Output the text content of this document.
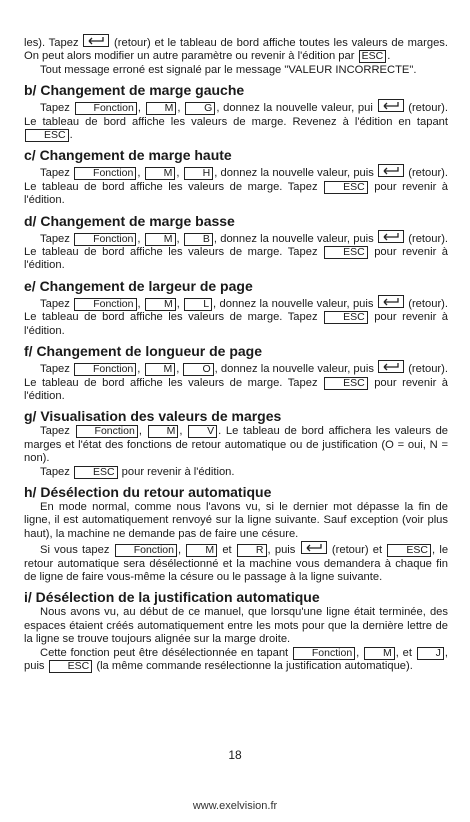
les). Tapez	(retour) et le tableau de bord affiche toutes les valeurs de marges. On peut alors modifier un autre paramètre ou revenir à l'édition par ESC .

Tout message erroné est signalé par le message "VALEUR INCORRECTE".

b/ Changement de marge gauche

Tapez Fonction , M , G , donnez la nouvelle valeur, pui	(retour). Le tableau de bord affiche les valeurs de marge. Revenez à l'édition en tapant ESC .

c/ Changement de marge haute

Tapez Fonction , M , H , donnez la nouvelle valeur, puis	(retour). Le tableau de bord affiche les valeurs de marge. Tapez ESC pour revenir à l'édition.

d/ Changement de marge basse

Tapez Fonction , M , B , donnez la nouvelle valeur, puis	(retour). Le tableau de bord affiche les valeurs de marge. Tapez ESC pour revenir à l'édition.

e/ Changement de largeur de page

Tapez Fonction , M , L , donnez la nouvelle valeur, puis	(retour). Le tableau de bord affiche les valeurs de marge. Tapez ESC pour revenir à l'édition.

f/ Changement de longueur de page

Tapez Fonction , M , O , donnez la nouvelle valeur, puis	(retour). Le tableau de bord affiche les valeurs de marge. Tapez ESC pour revenir à l'édition.

g/ Visualisation des valeurs de marges

Tapez Fonction , M , V . Le tableau de bord affichera les valeurs de marges et l'état des fonctions de retour automatique ou de justification (O = oui, N = non).

Tapez ESC pour revenir à l'édition.

h/ Désélection du retour automatique

En mode normal, comme nous l'avons vu, si le dernier mot dépasse la fin de ligne, il est automatiquement renvoyé sur la ligne suivante. Sauf exception (voir plus haut), la machine ne demande pas de faire une césure.

Si vous tapez Fonction , M et R , puis	(retour) et ESC , le retour automatique sera désélectionné et la machine vous demandera à chaque fin de ligne de faire vous-même la césure ou le passage à la ligne suivante.

i/ Désélection de la justification automatique

Nous avons vu, au début de ce manuel, que lorsqu'une ligne était terminée, des espaces étaient créés automatiquement entre les mots pour que la dernière lettre de la ligne se trouve toujours alignée sur la marge droite.

Cette fonction peut être désélectionnée en tapant Fonction , M , et J , puis ESC (la même commande resélectionne la justification automatique).

18
www.exelvision.fr
